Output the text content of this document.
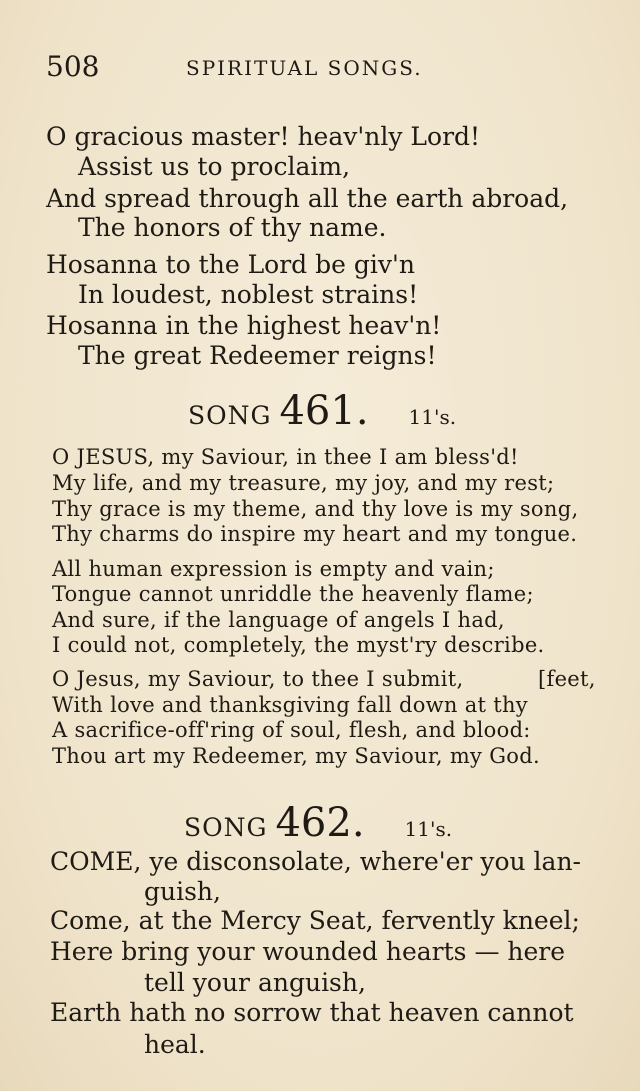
508	SPIRITUAL SONGS.
O gracious master! heav'nly Lord!
Assist us to proclaim,
And spread through all the earth abroad,
The honors of thy name.
Hosanna to the Lord be giv'n
In loudest, noblest strains!
Hosanna in the highest heav'n!
The great Redeemer reigns!
SONG 461. 11's.
O JESUS, my Saviour, in thee I am bless'd!
My life, and my treasure, my joy, and my rest;
Thy grace is my theme, and thy love is my song,
Thy charms do inspire my heart and my tongue.
All human expression is empty and vain;
Tongue cannot unriddle the heavenly flame;
And sure, if the language of angels I had,
I could not, completely, the myst'ry describe.
O Jesus, my Saviour, to thee I submit,	[feet,
With love and thanksgiving fall down at thy
A sacrifice-off'ring of soul, flesh, and blood:
Thou art my Redeemer, my Saviour, my God.
SONG 462. 11's.
COME, ye disconsolate, where'er you lan-
guish,
Come, at the Mercy Seat, fervently kneel;
Here bring your wounded hearts — here
tell your anguish,
Earth hath no sorrow that heaven cannot
heal.
